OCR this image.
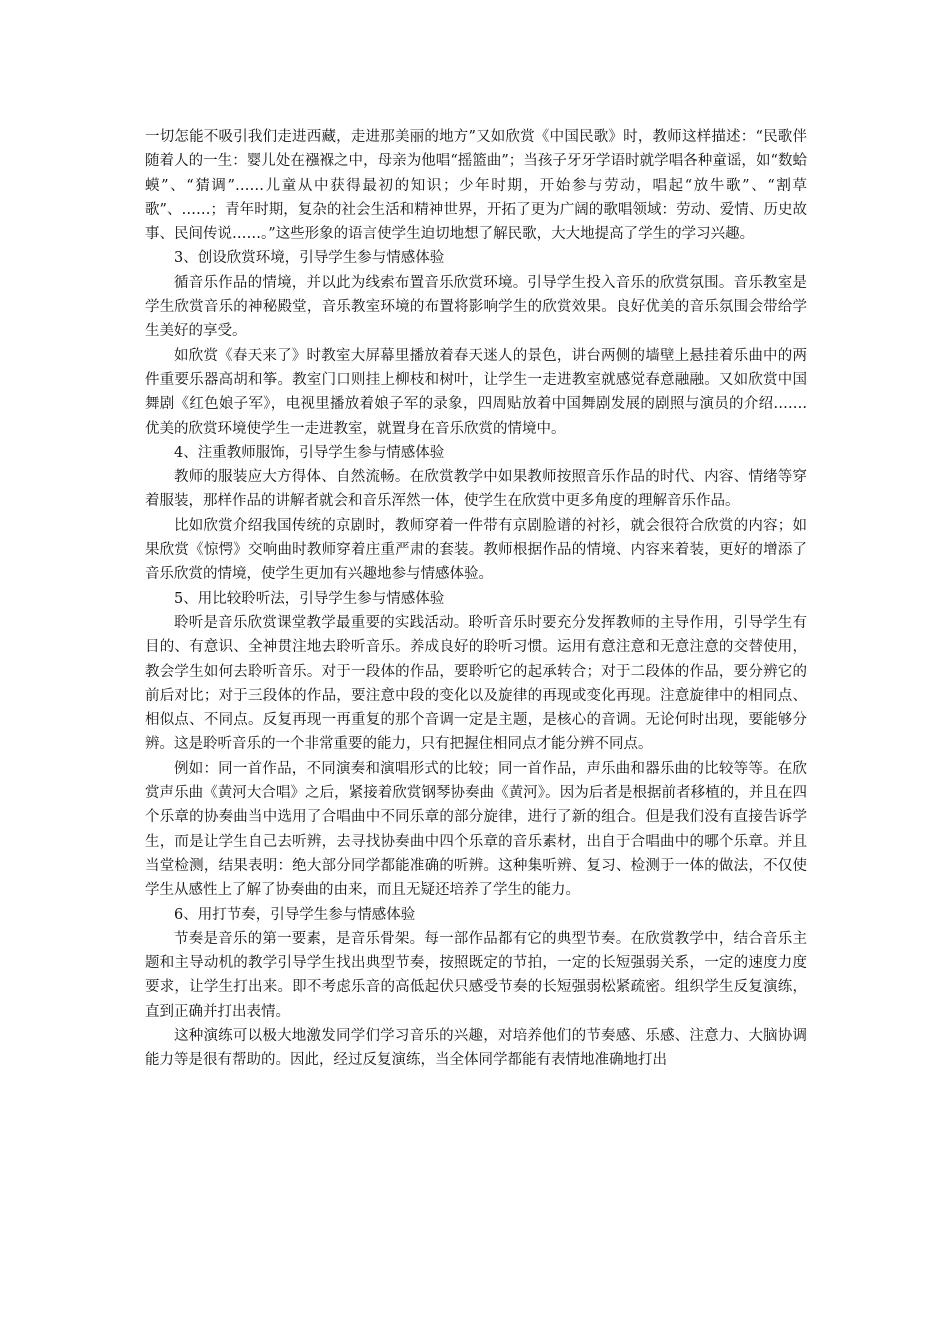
一切怎能不吸引我们走进西藏，走进那美丽的地方”又如欣赏《中国民歌》时，教师这样描述：“民歌伴随着人的一生：婴儿处在襁褓之中，母亲为他唱“摇篮曲”；当孩子牙牙学语时就学唱各种童谣，如“数蛤蟆”、“猜调”……儿童从中获得最初的知识；少年时期，开始参与劳动，唱起“放牛歌”、“割草歌”、……；青年时期，复杂的社会生活和精神世界，开拓了更为广阔的歌唱领域：劳动、爱情、历史故事、民间传说……。”这些形象的语言使学生迫切地想了解民歌，大大地提高了学生的学习兴趣。

3、创设欣赏环境，引导学生参与情感体验

循音乐作品的情境，并以此为线索布置音乐欣赏环境。引导学生投入音乐的欣赏氛围。音乐教室是学生欣赏音乐的神秘殿堂，音乐教室环境的布置将影响学生的欣赏效果。良好优美的音乐氛围会带给学生美好的享受。

如欣赏《春天来了》时教室大屏幕里播放着春天迷人的景色，讲台两侧的墙壁上悬挂着乐曲中的两件重要乐器高胡和筝。教室门口则挂上柳枝和树叶，让学生一走进教室就感觉春意融融。又如欣赏中国舞剧《红色娘子军》，电视里播放着娘子军的录象，四周贴放着中国舞剧发展的剧照与演员的介绍…….优美的欣赏环境使学生一走进教室，就置身在音乐欣赏的情境中。

4、注重教师服饰，引导学生参与情感体验

教师的服装应大方得体、自然流畅。在欣赏教学中如果教师按照音乐作品的时代、内容、情绪等穿着服装，那样作品的讲解者就会和音乐浑然一体，使学生在欣赏中更多角度的理解音乐作品。

比如欣赏介绍我国传统的京剧时，教师穿着一件带有京剧脸谱的衬衫，就会很符合欣赏的内容；如果欣赏《惊愕》交响曲时教师穿着庄重严肃的套装。教师根据作品的情境、内容来着装，更好的增添了音乐欣赏的情境，使学生更加有兴趣地参与情感体验。

5、用比较聆听法，引导学生参与情感体验

聆听是音乐欣赏课堂教学最重要的实践活动。聆听音乐时要充分发挥教师的主导作用，引导学生有目的、有意识、全神贯注地去聆听音乐。养成良好的聆听习惯。运用有意注意和无意注意的交替使用，教会学生如何去聆听音乐。对于一段体的作品，要聆听它的起承转合；对于二段体的作品，要分辨它的前后对比；对于三段体的作品，要注意中段的变化以及旋律的再现或变化再现。注意旋律中的相同点、相似点、不同点。反复再现一再重复的那个音调一定是主题，是核心的音调。无论何时出现，要能够分辨。这是聆听音乐的一个非常重要的能力，只有把握住相同点才能分辨不同点。

例如：同一首作品，不同演奏和演唱形式的比较；同一首作品，声乐曲和器乐曲的比较等等。在欣赏声乐曲《黄河大合唱》之后，紧接着欣赏钢琴协奏曲《黄河》。因为后者是根据前者移植的，并且在四个乐章的协奏曲当中选用了合唱曲中不同乐章的部分旋律，进行了新的组合。但是我们没有直接告诉学生，而是让学生自己去听辨，去寻找协奏曲中四个乐章的音乐素材，出自于合唱曲中的哪个乐章。并且当堂检测，结果表明：绝大部分同学都能准确的听辨。这种集听辨、复习、检测于一体的做法，不仅使学生从感性上了解了协奏曲的由来，而且无疑还培养了学生的能力。

6、用打节奏，引导学生参与情感体验

节奏是音乐的第一要素，是音乐骨架。每一部作品都有它的典型节奏。在欣赏教学中，结合音乐主题和主导动机的教学引导学生找出典型节奏，按照既定的节拍，一定的长短强弱关系，一定的速度力度要求，让学生打出来。即不考虑乐音的高低起伏只感受节奏的长短强弱松紧疏密。组织学生反复演练，直到正确并打出表情。

这种演练可以极大地激发同学们学习音乐的兴趣，对培养他们的节奏感、乐感、注意力、大脑协调能力等是很有帮助的。因此，经过反复演练，当全体同学都能有表情地准确地打出
